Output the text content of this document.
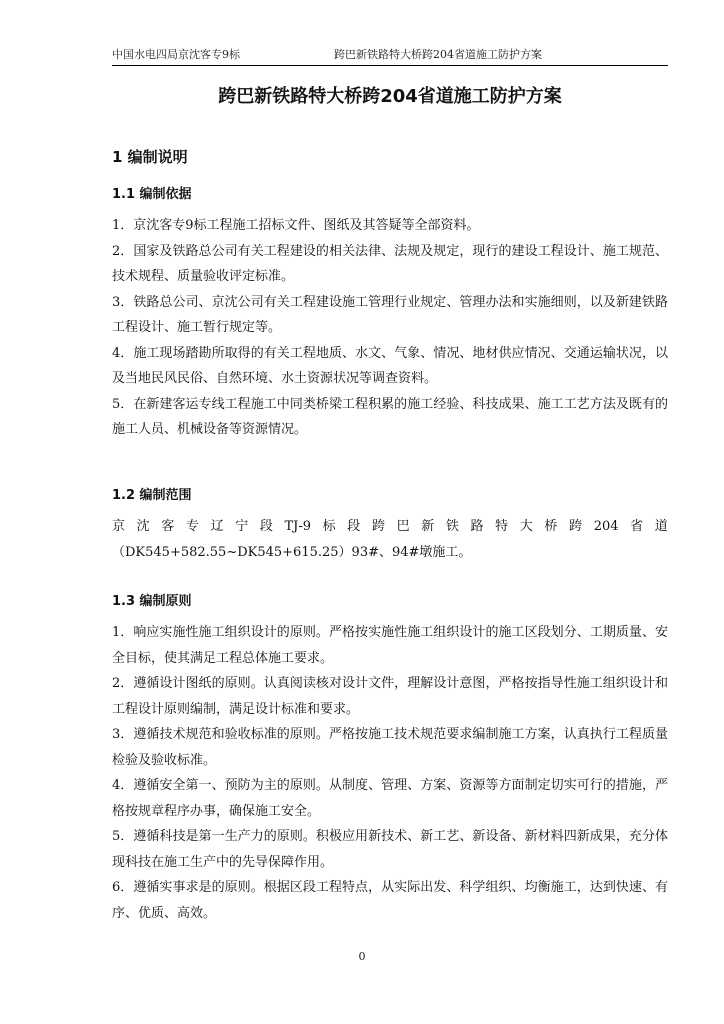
中国水电四局京沈客专9标	跨巴新铁路特大桥跨204省道施工防护方案
跨巴新铁路特大桥跨204省道施工防护方案
1 编制说明
1.1 编制依据

1．京沈客专9标工程施工招标文件、图纸及其答疑等全部资料。

2．国家及铁路总公司有关工程建设的相关法律、法规及规定，现行的建设工程设计、施工规范、技术规程、质量验收评定标准。

3．铁路总公司、京沈公司有关工程建设施工管理行业规定、管理办法和实施细则，以及新建铁路工程设计、施工暂行规定等。

4．施工现场踏勘所取得的有关工程地质、水文、气象、情况、地材供应情况、交通运输状况，以及当地民风民俗、自然环境、水土资源状况等调查资料。

5．在新建客运专线工程施工中同类桥梁工程积累的施工经验、科技成果、施工工艺方法及既有的施工人员、机械设备等资源情况。

1.2 编制范围
京 沈 客 专 辽 宁 段 TJ-9 标 段 跨 巴 新 铁 路 特 大 桥 跨 204 省 道
（DK545+582.55~DK545+615.25）93#、94#墩施工。
1.3 编制原则

1．响应实施性施工组织设计的原则。严格按实施性施工组织设计的施工区段划分、工期质量、安全目标，使其满足工程总体施工要求。

2．遵循设计图纸的原则。认真阅读核对设计文件，理解设计意图，严格按指导性施工组织设计和工程设计原则编制，满足设计标准和要求。

3．遵循技术规范和验收标准的原则。严格按施工技术规范要求编制施工方案，认真执行工程质量检验及验收标准。

4．遵循安全第一、预防为主的原则。从制度、管理、方案、资源等方面制定切实可行的措施，严格按规章程序办事，确保施工安全。

5．遵循科技是第一生产力的原则。积极应用新技术、新工艺、新设备、新材料四新成果，充分体现科技在施工生产中的先导保障作用。

6．遵循实事求是的原则。根据区段工程特点，从实际出发、科学组织、均衡施工，达到快速、有序、优质、高效。

0
